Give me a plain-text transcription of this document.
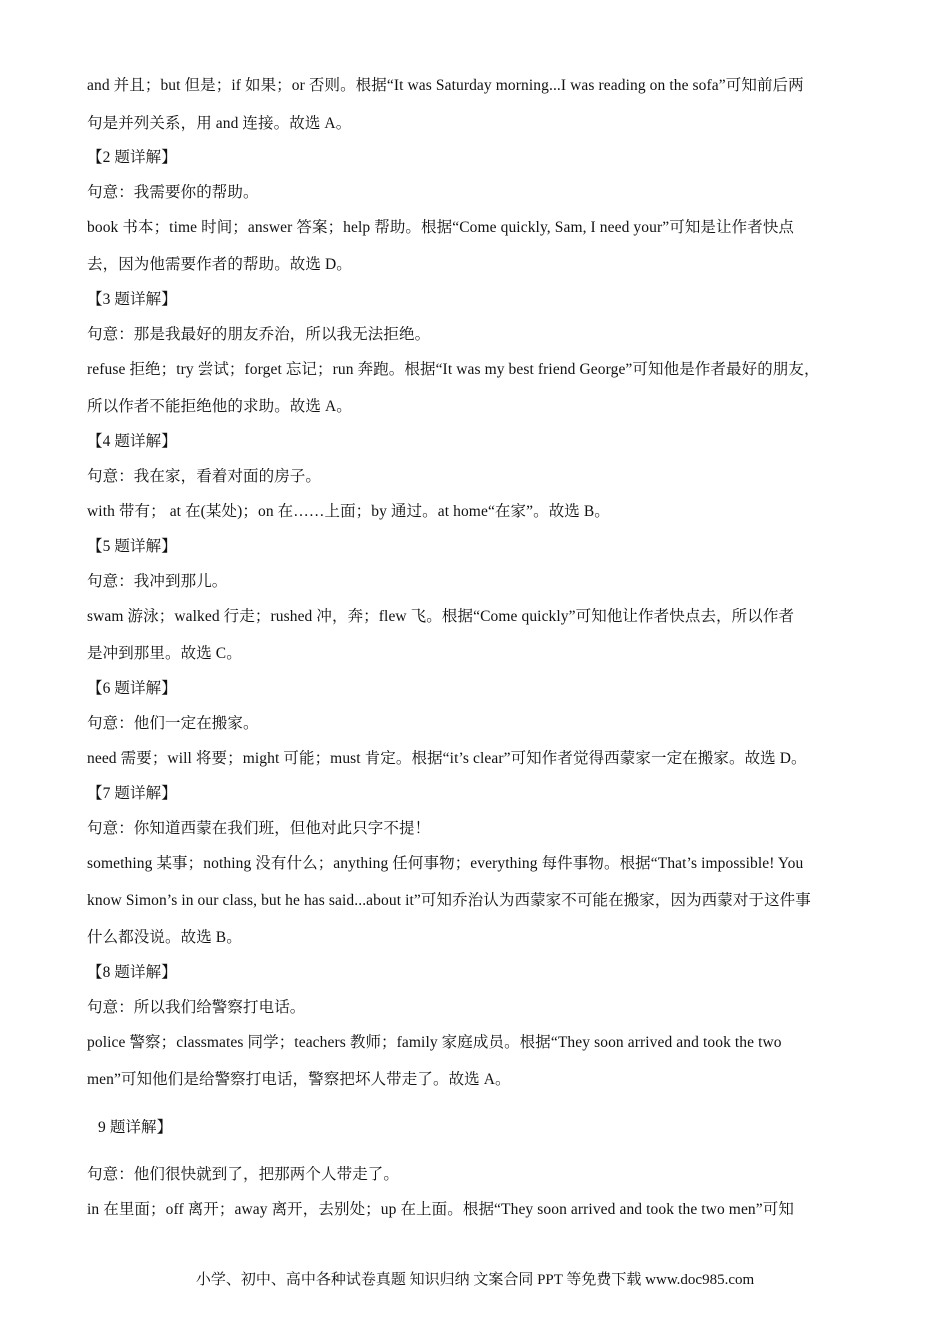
and 并且；but 但是；if 如果；or 否则。根据“It was Saturday morning...I was reading on the sofa”可知前后两
句是并列关系，用 and 连接。故选 A。
【2 题详解】
句意：我需要你的帮助。
book 书本；time 时间；answer 答案；help 帮助。根据“Come quickly, Sam, I need your”可知是让作者快点
去，因为他需要作者的帮助。故选 D。
【3 题详解】
句意：那是我最好的朋友乔治，所以我无法拒绝。
refuse 拒绝；try 尝试；forget 忘记；run 奔跑。根据“It was my best friend George”可知他是作者最好的朋友，
所以作者不能拒绝他的求助。故选 A。
【4 题详解】
句意：我在家，看着对面的房子。
with 带有； at 在(某处)；on 在……上面；by 通过。at home“在家”。故选 B。
【5 题详解】
句意：我冲到那儿。
swam 游泳；walked 行走；rushed 冲，奔；flew 飞。根据“Come quickly”可知他让作者快点去，所以作者
是冲到那里。故选 C。
【6 题详解】
句意：他们一定在搬家。
need 需要；will 将要；might 可能；must 肯定。根据“it’s clear”可知作者觉得西蒙家一定在搬家。故选 D。
【7 题详解】
句意：你知道西蒙在我们班，但他对此只字不提！
something 某事；nothing 没有什么；anything 任何事物；everything 每件事物。根据“That’s impossible! You
know Simon’s in our class, but he has said...about it”可知乔治认为西蒙家不可能在搬家，因为西蒙对于这件事
什么都没说。故选 B。
【8 题详解】
句意：所以我们给警察打电话。
police 警察；classmates 同学；teachers 教师；family 家庭成员。根据“They soon arrived and took the two
men”可知他们是给警察打电话，警察把坏人带走了。故选 A。
9 题详解】
句意：他们很快就到了，把那两个人带走了。
in 在里面；off 离开；away 离开，去别处；up 在上面。根据“They soon arrived and took the two men”可知
小学、初中、高中各种试卷真题 知识归纳 文案合同 PPT 等免费下载 www.doc985.com
